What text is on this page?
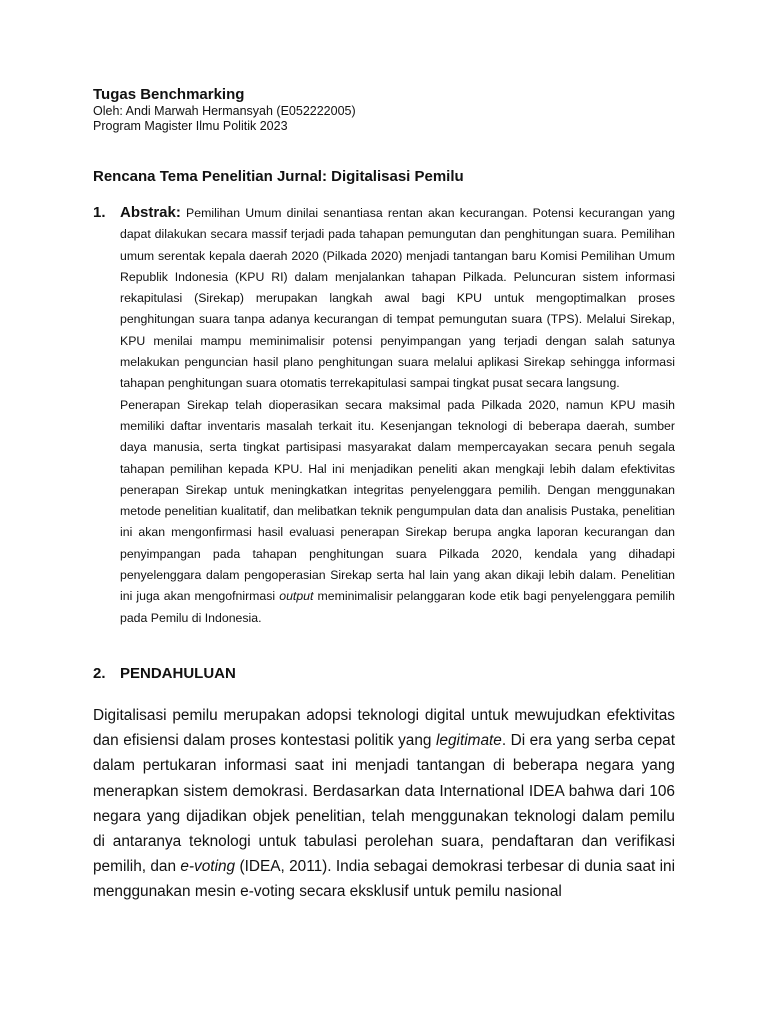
Tugas Benchmarking

Oleh: Andi Marwah Hermansyah (E052222005)

Program Magister Ilmu Politik 2023

Rencana Tema Penelitian Jurnal: Digitalisasi Pemilu

1. Abstrak: Pemilihan Umum dinilai senantiasa rentan akan kecurangan. Potensi kecurangan yang dapat dilakukan secara massif terjadi pada tahapan pemungutan dan penghitungan suara. Pemilihan umum serentak kepala daerah 2020 (Pilkada 2020) menjadi tantangan baru Komisi Pemilihan Umum Republik Indonesia (KPU RI) dalam menjalankan tahapan Pilkada. Peluncuran sistem informasi rekapitulasi (Sirekap) merupakan langkah awal bagi KPU untuk mengoptimalkan proses penghitungan suara tanpa adanya kecurangan di tempat pemungutan suara (TPS). Melalui Sirekap, KPU menilai mampu meminimalisir potensi penyimpangan yang terjadi dengan salah satunya melakukan penguncian hasil plano penghitungan suara melalui aplikasi Sirekap sehingga informasi tahapan penghitungan suara otomatis terrekapitulasi sampai tingkat pusat secara langsung.

Penerapan Sirekap telah dioperasikan secara maksimal pada Pilkada 2020, namun KPU masih memiliki daftar inventaris masalah terkait itu. Kesenjangan teknologi di beberapa daerah, sumber daya manusia, serta tingkat partisipasi masyarakat dalam mempercayakan secara penuh segala tahapan pemilihan kepada KPU. Hal ini menjadikan peneliti akan mengkaji lebih dalam efektivitas penerapan Sirekap untuk meningkatkan integritas penyelenggara pemilih. Dengan menggunakan metode penelitian kualitatif, dan melibatkan teknik pengumpulan data dan analisis Pustaka, penelitian ini akan mengonfirmasi hasil evaluasi penerapan Sirekap berupa angka laporan kecurangan dan penyimpangan pada tahapan penghitungan suara Pilkada 2020, kendala yang dihadapi penyelenggara dalam pengoperasian Sirekap serta hal lain yang akan dikaji lebih dalam. Penelitian ini juga akan mengofnirmasi output meminimalisir pelanggaran kode etik bagi penyelenggara pemilih pada Pemilu di Indonesia.

2. PENDAHULUAN
Digitalisasi pemilu merupakan adopsi teknologi digital untuk mewujudkan efektivitas dan efisiensi dalam proses kontestasi politik yang legitimate. Di era yang serba cepat dalam pertukaran informasi saat ini menjadi tantangan di beberapa negara yang menerapkan sistem demokrasi. Berdasarkan data International IDEA bahwa dari 106 negara yang dijadikan objek penelitian, telah menggunakan teknologi dalam pemilu di antaranya teknologi untuk tabulasi perolehan suara, pendaftaran dan verifikasi pemilih, dan e-voting (IDEA, 2011). India sebagai demokrasi terbesar di dunia saat ini menggunakan mesin e-voting secara eksklusif untuk pemilu nasional
